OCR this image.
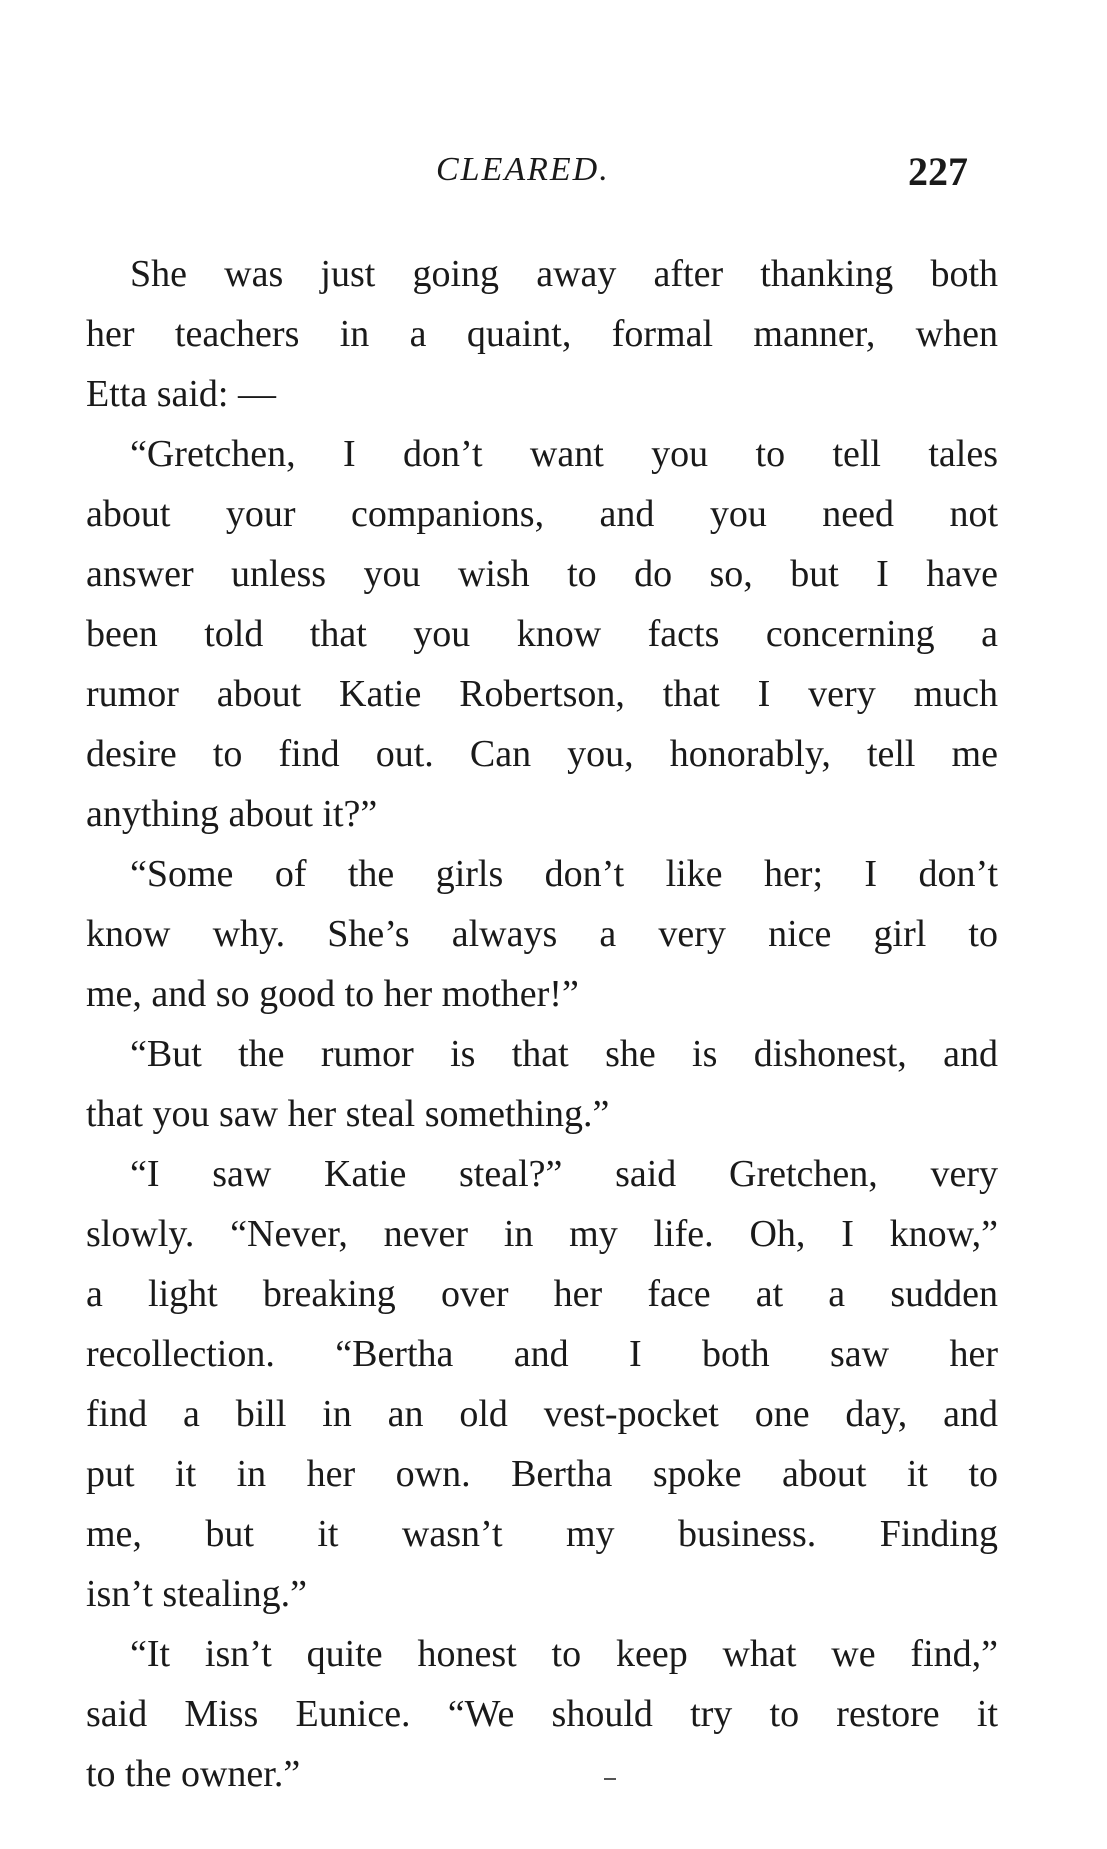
CLEARED.	227
She was just going away after thanking both
her teachers in a quaint, formal manner, when
Etta said: —
“Gretchen, I don’t want you to tell tales
about your companions, and you need not
answer unless you wish to do so, but I have
been told that you know facts concerning a
rumor about Katie Robertson, that I very much
desire to find out. Can you, honorably, tell me
anything about it?”
“Some of the girls don’t like her; I don’t
know why. She’s always a very nice girl to
me, and so good to her mother!”
“But the rumor is that she is dishonest, and
that you saw her steal something.”
“I saw Katie steal?” said Gretchen, very
slowly. “Never, never in my life. Oh, I know,”
a light breaking over her face at a sudden
recollection. “Bertha and I both saw her
find a bill in an old vest-pocket one day, and
put it in her own. Bertha spoke about it to
me, but it wasn’t my business. Finding
isn’t stealing.”
“It isn’t quite honest to keep what we find,”
said Miss Eunice. “We should try to restore it
to the owner.”
